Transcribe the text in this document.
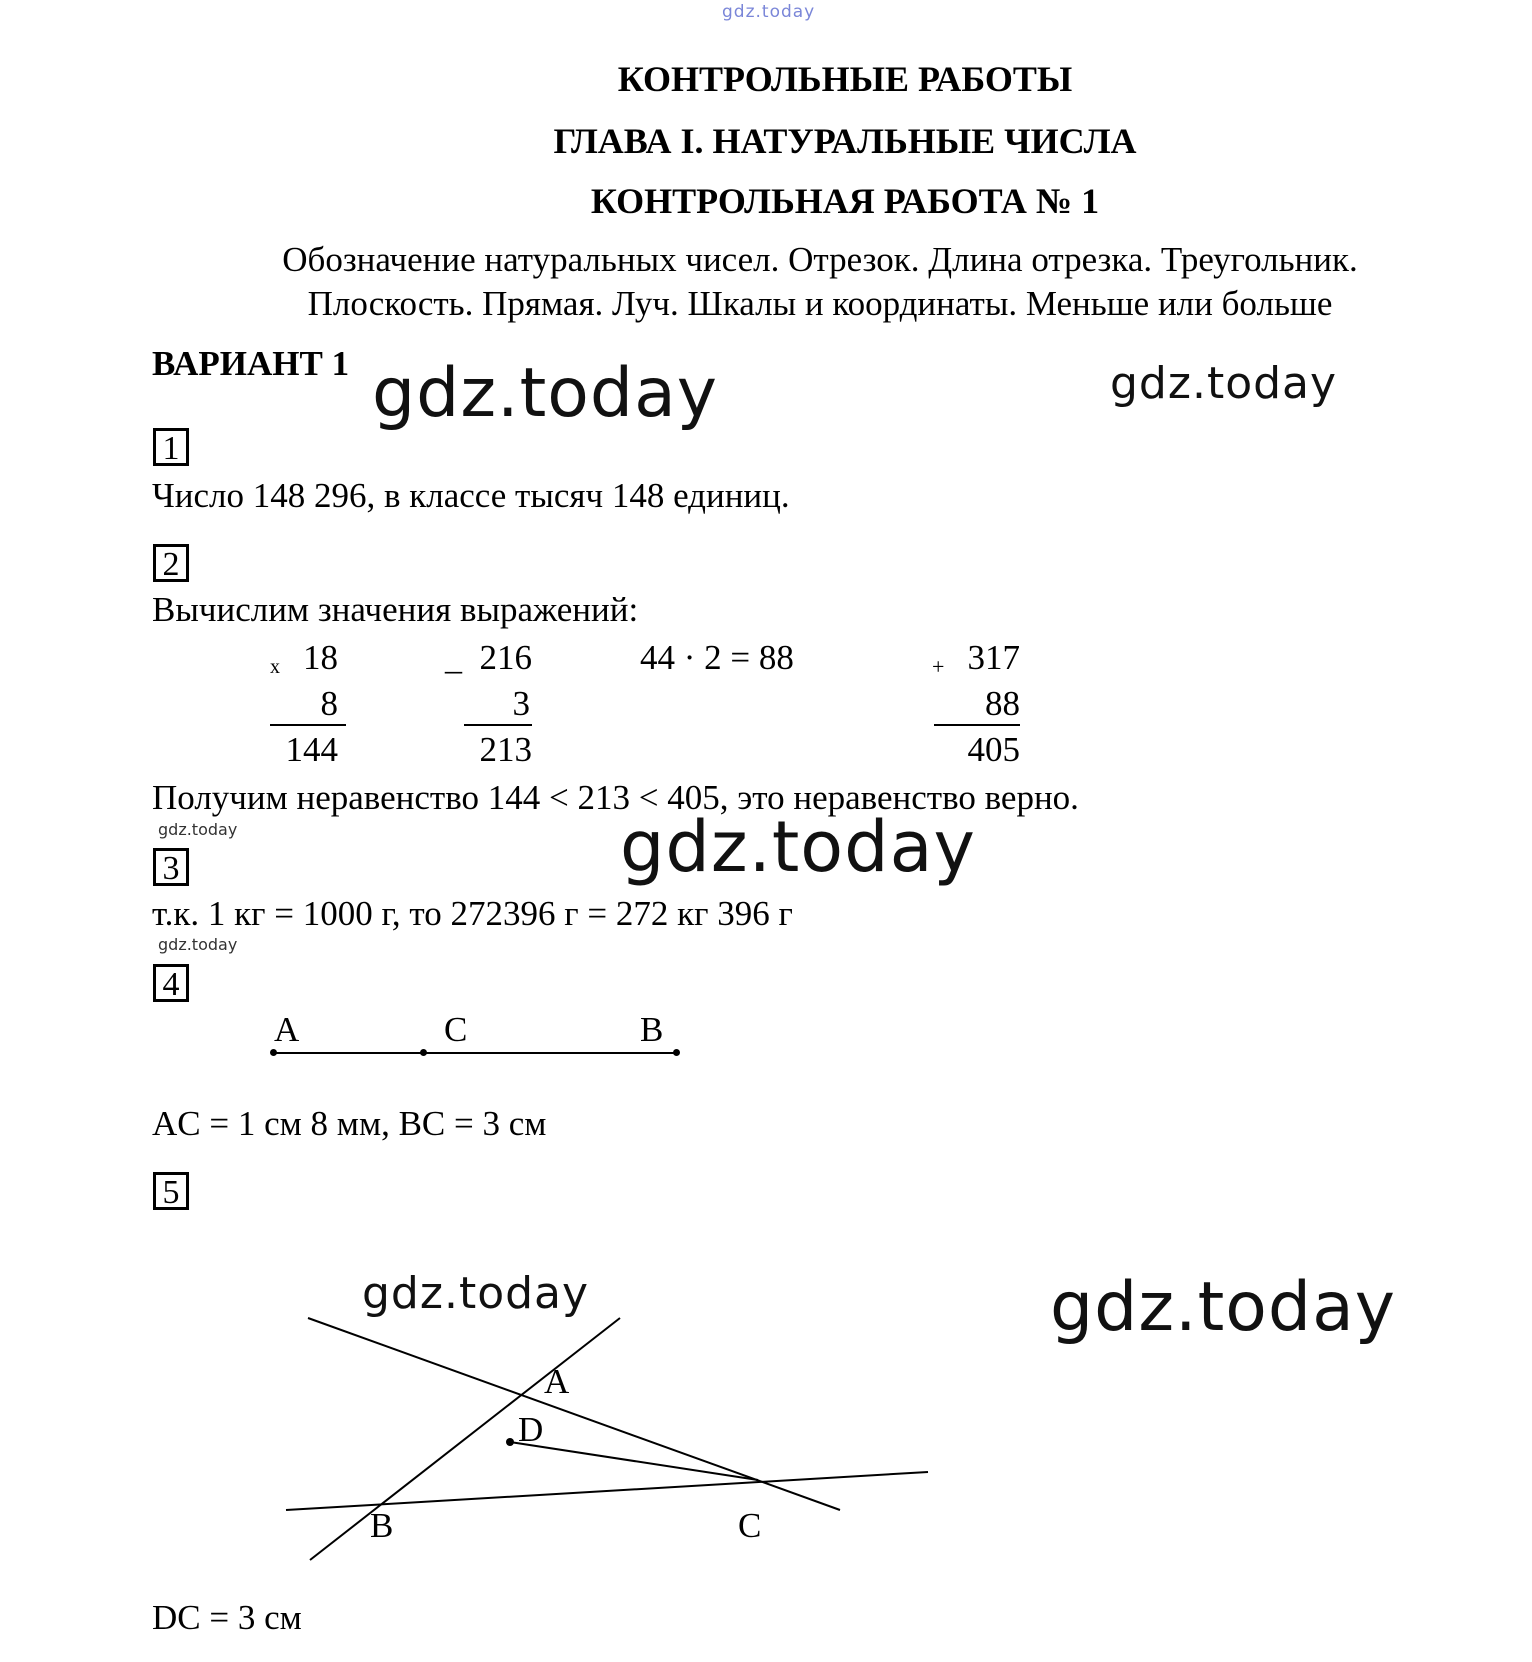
gdz.today
КОНТРОЛЬНЫЕ РАБОТЫ
ГЛАВА I. НАТУРАЛЬНЫЕ ЧИСЛА
КОНТРОЛЬНАЯ РАБОТА № 1
Обозначение натуральных чисел. Отрезок. Длина отрезка. Треугольник.
Плоскость. Прямая. Луч. Шкалы и координаты. Меньше или больше
ВАРИАНТ 1 gdz.today	gdz.today
gdz.today
gdz.today	gdz.today
gdz.today
gdz.today
1
Число 148 296, в классе тысяч 148 единиц.
2
Вычислим значения выражений:
x 18
8
144
_ 216
3
213
44 · 2 = 88	+ 317
88
405
Получим неравенство 144 < 213 < 405, это неравенство верно.
3
т.к. 1 кг = 1000 г, то 272396 г = 272 кг 396 г
4
A	C	B
AC = 1 см 8 мм, BC = 3 см
5
A
D
B	C
DC = 3 см
